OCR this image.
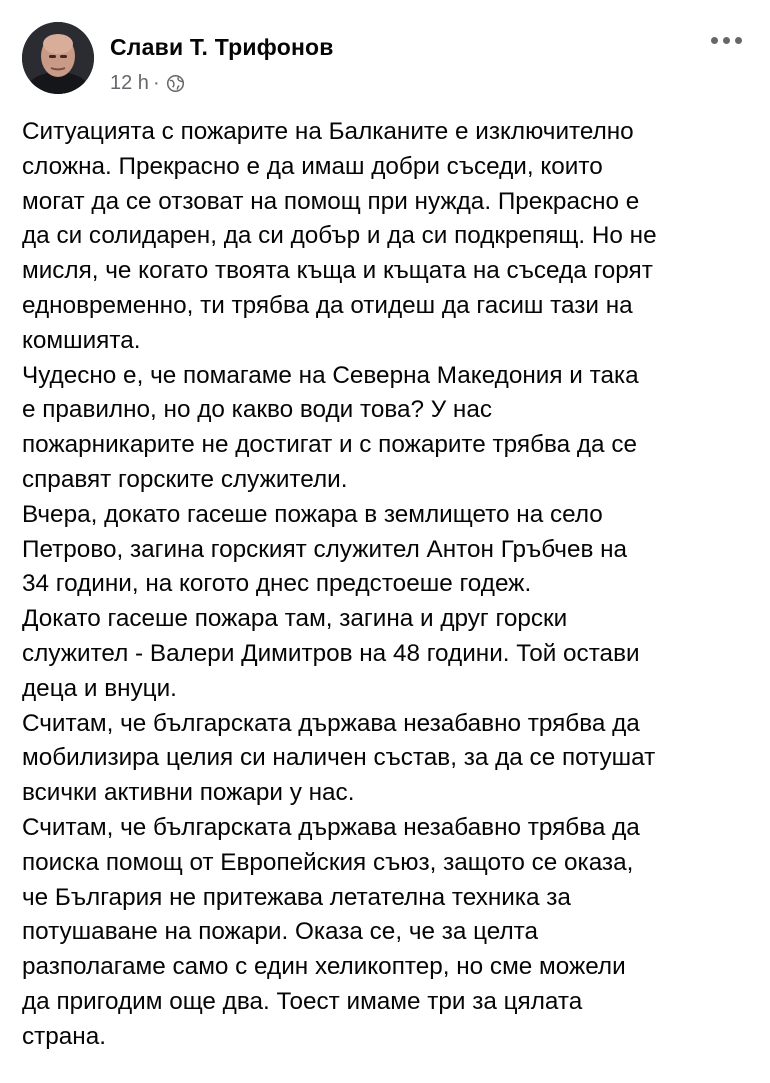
Слави Т. Трифонов
12 h ·
Ситуацията с пожарите на Балканите е изключително
сложна. Прекрасно е да имаш добри съседи, които
могат да се отзоват на помощ при нужда. Прекрасно е
да си солидарен, да си добър и да си подкрепящ. Но не
мисля, че когато твоята къща и къщата на съседа горят
едновременно, ти трябва да отидеш да гасиш тази на
комшията.
Чудесно е, че помагаме на Северна Македония и така
е правилно, но до какво води това? У нас
пожарникарите не достигат и с пожарите трябва да се
справят горските служители.
Вчера, докато гасеше пожара в землището на село
Петрово, загина горският служител Антон Гръбчев на
34 години, на когото днес предстоеше годеж.
Докато гасеше пожара там, загина и друг горски
служител - Валери Димитров на 48 години. Той остави
деца и внуци.
Считам, че българската държава незабавно трябва да
мобилизира целия си наличен състав, за да се потушат
всички активни пожари у нас.
Считам, че българската държава незабавно трябва да
поиска помощ от Европейския съюз, защото се оказа,
че България не притежава летателна техника за
потушаване на пожари. Оказа се, че за целта
разполагаме само с един хеликоптер, но сме можели
да пригодим още два. Тоест имаме три за цялата
страна.
